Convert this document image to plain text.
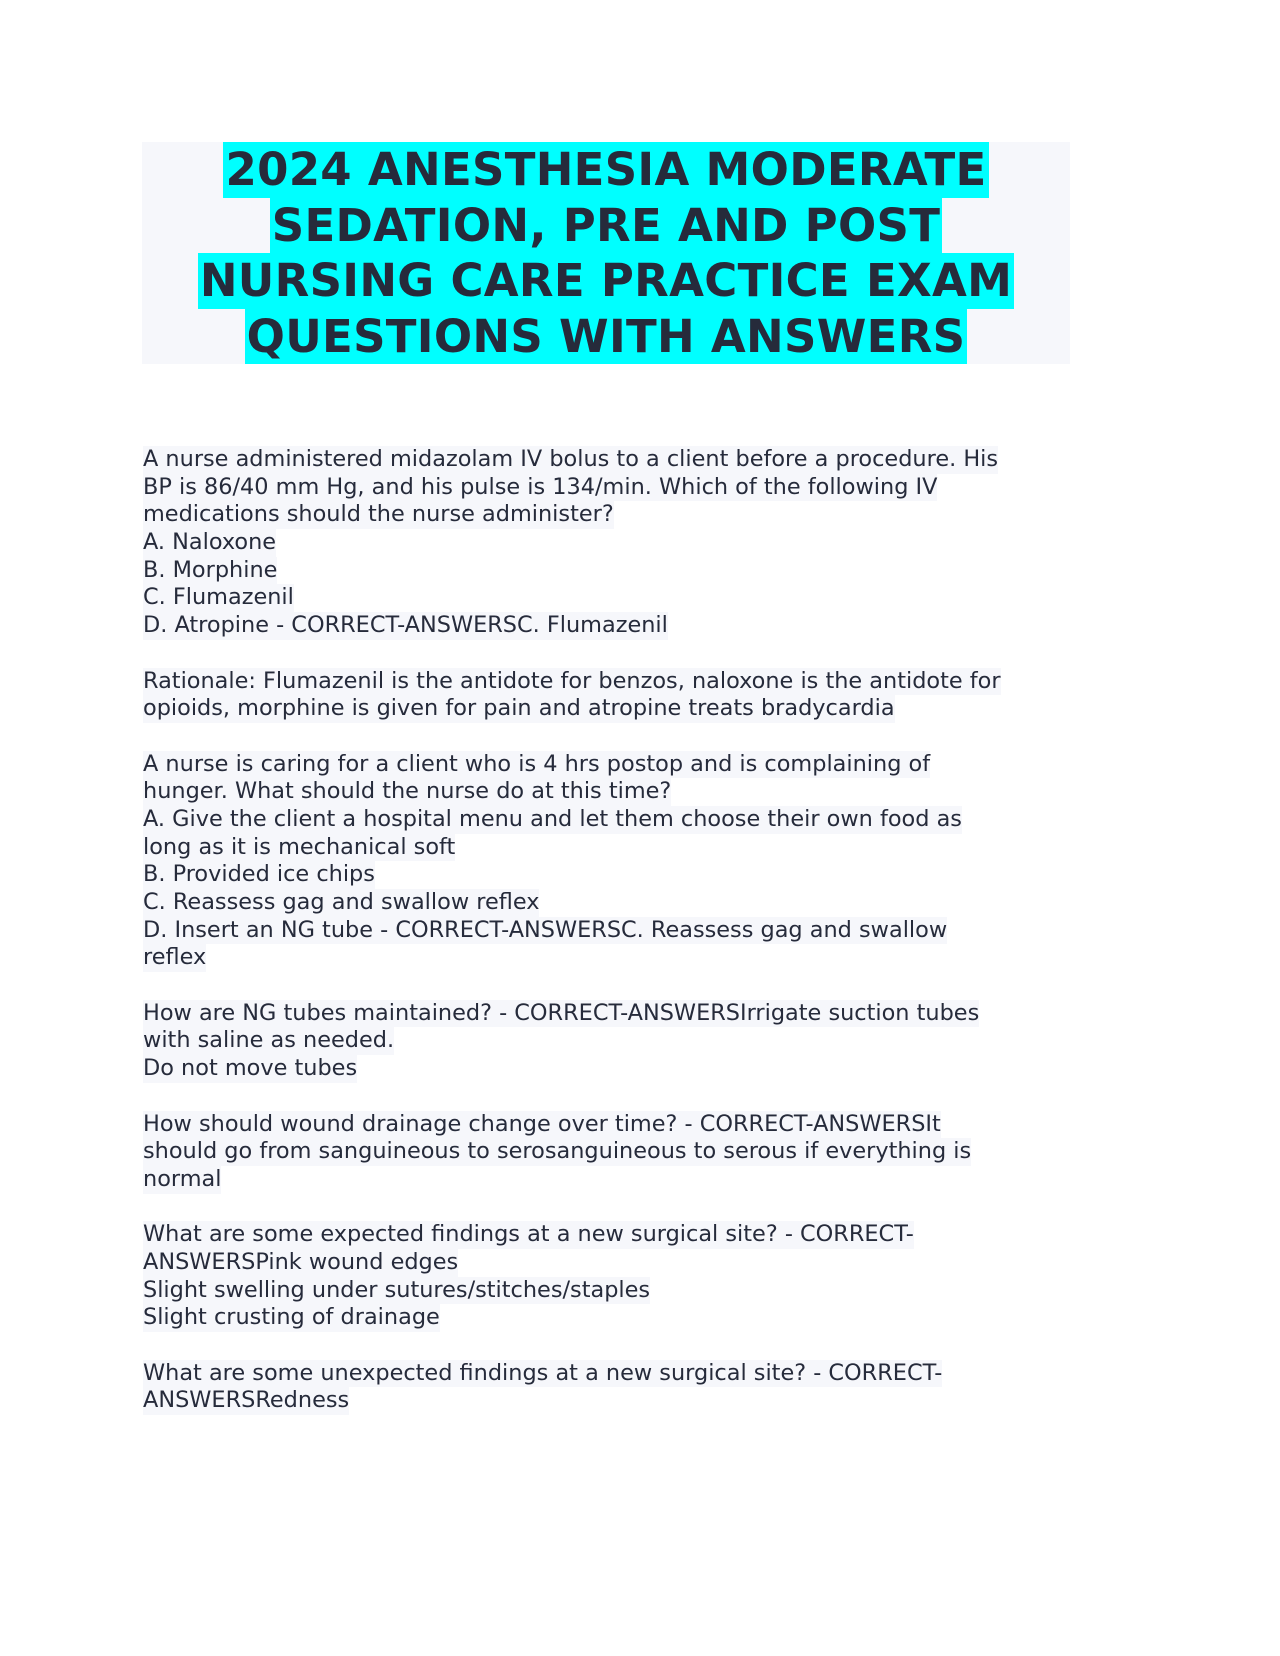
2024 ANESTHESIA MODERATE
SEDATION, PRE AND POST
NURSING CARE PRACTICE EXAM
QUESTIONS WITH ANSWERS
A nurse administered midazolam IV bolus to a client before a procedure. His
BP is 86/40 mm Hg, and his pulse is 134/min. Which of the following IV
medications should the nurse administer?
A. Naloxone
B. Morphine
C. Flumazenil
D. Atropine - CORRECT-ANSWERSC. Flumazenil
Rationale: Flumazenil is the antidote for benzos, naloxone is the antidote for
opioids, morphine is given for pain and atropine treats bradycardia
A nurse is caring for a client who is 4 hrs postop and is complaining of
hunger. What should the nurse do at this time?
A. Give the client a hospital menu and let them choose their own food as
long as it is mechanical soft
B. Provided ice chips
C. Reassess gag and swallow reflex
D. Insert an NG tube - CORRECT-ANSWERSC. Reassess gag and swallow
reflex
How are NG tubes maintained? - CORRECT-ANSWERSIrrigate suction tubes
with saline as needed.
Do not move tubes
How should wound drainage change over time? - CORRECT-ANSWERSIt
should go from sanguineous to serosanguineous to serous if everything is
normal
What are some expected findings at a new surgical site? - CORRECT-
ANSWERSPink wound edges
Slight swelling under sutures/stitches/staples
Slight crusting of drainage
What are some unexpected findings at a new surgical site? - CORRECT-
ANSWERSRedness
